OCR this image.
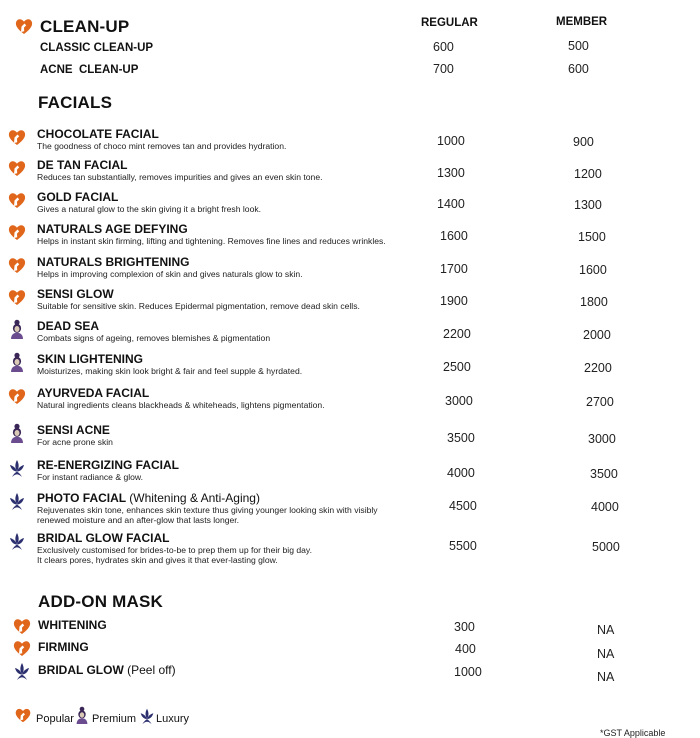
CLEAN-UP	REGULAR	MEMBER
CLASSIC CLEAN-UP	600	500
ACNE  CLEAN-UP	700	600
FACIALS
CHOCOLATE FACIAL
The goodness of choco mint removes tan and provides hydration.	1000	900
DE TAN FACIAL
Reduces tan substantially, removes impurities and gives an even skin tone.	1300	1200
GOLD FACIAL
Gives a natural glow to the skin giving it a bright fresh look.	1400	1300
NATURALS AGE DEFYING
Helps in instant skin firming, lifting and tightening. Removes fine lines and reduces wrinkles.	1600	1500
NATURALS BRIGHTENING
Helps in improving complexion of skin and gives naturals glow to skin.	1700	1600
SENSI GLOW
Suitable for sensitive skin. Reduces Epidermal pigmentation, remove dead skin cells.	1900	1800
DEAD SEA
Combats signs of ageing, removes blemishes & pigmentation	2200	2000
SKIN LIGHTENING
Moisturizes, making skin look bright & fair and feel supple & hyrdated.	2500	2200
AYURVEDA FACIAL
Natural ingredients cleans blackheads & whiteheads, lightens pigmentation.	3000	2700
SENSI ACNE
For acne prone skin	3500	3000
RE-ENERGIZING FACIAL
For instant radiance & glow.	4000	3500
PHOTO FACIAL (Whitening & Anti-Aging)
Rejuvenates skin tone, enhances skin texture thus giving younger looking skin with visibly
renewed moisture and an after-glow that lasts longer.
4500	4000
BRIDAL GLOW FACIAL
Exclusively customised for brides-to-be to prep them up for their big day.
It clears pores, hydrates skin and gives it that ever-lasting glow.
5500	5000
ADD-ON MASK
WHITENING	300	NA
FIRMING	400	NA
BRIDAL GLOW (Peel off)	1000	NA
Popular Premium Luxury
*GST Applicable
